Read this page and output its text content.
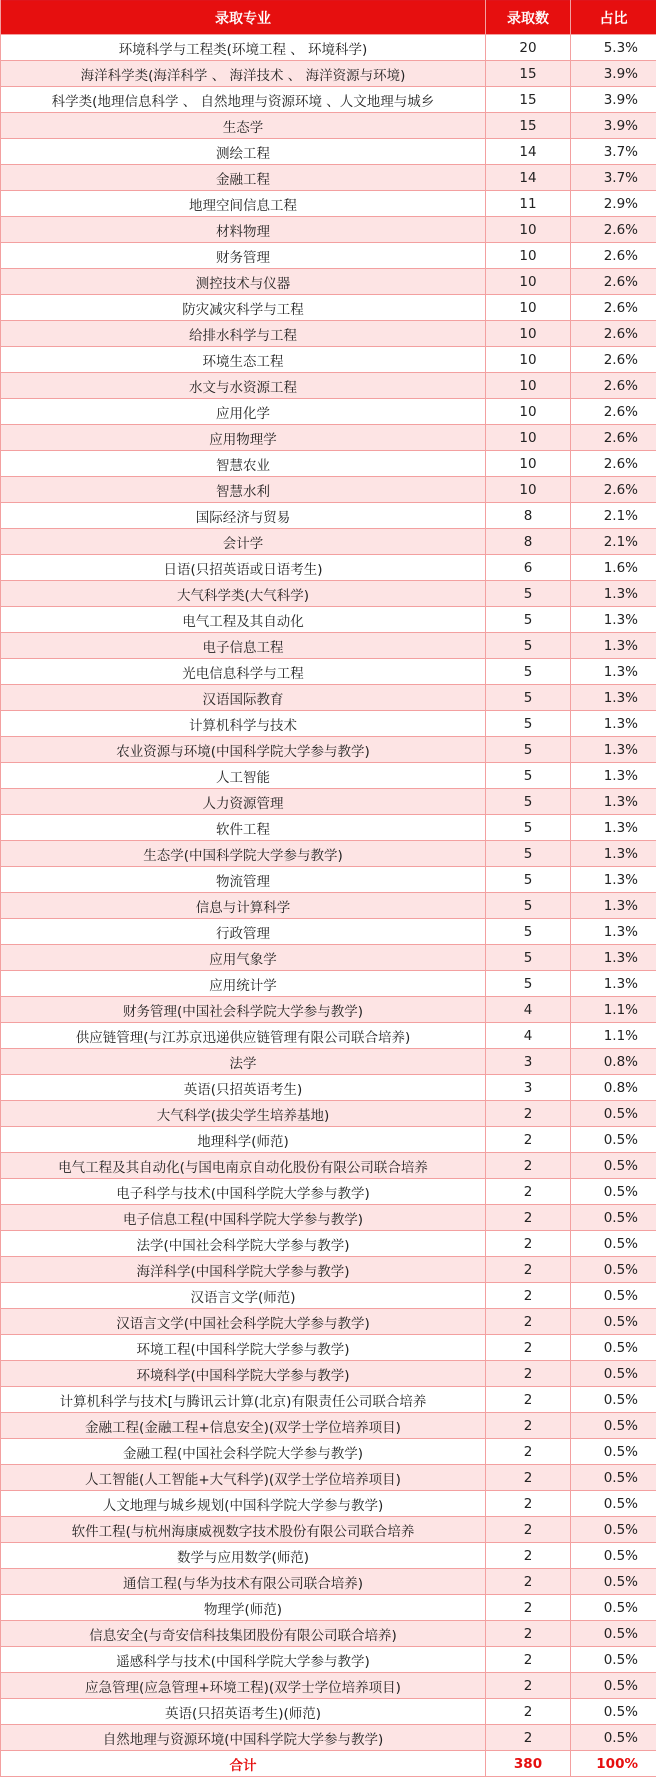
录取专业	录取数	占比
环境科学与工程类(环境工程 、 环境科学)	20	5.3%
海洋科学类(海洋科学 、 海洋技术 、 海洋资源与环境)	15	3.9%
科学类(地理信息科学 、 自然地理与资源环境 、人文地理与城乡	15	3.9%
生态学	15	3.9%
测绘工程	14	3.7%
金融工程	14	3.7%
地理空间信息工程	11	2.9%
材料物理	10	2.6%
财务管理	10	2.6%
测控技术与仪器	10	2.6%
防灾减灾科学与工程	10	2.6%
给排水科学与工程	10	2.6%
环境生态工程	10	2.6%
水文与水资源工程	10	2.6%
应用化学	10	2.6%
应用物理学	10	2.6%
智慧农业	10	2.6%
智慧水利	10	2.6%
国际经济与贸易	8	2.1%
会计学	8	2.1%
日语(只招英语或日语考生)	6	1.6%
大气科学类(大气科学)	5	1.3%
电气工程及其自动化	5	1.3%
电子信息工程	5	1.3%
光电信息科学与工程	5	1.3%
汉语国际教育	5	1.3%
计算机科学与技术	5	1.3%
农业资源与环境(中国科学院大学参与教学)	5	1.3%
人工智能	5	1.3%
人力资源管理	5	1.3%
软件工程	5	1.3%
生态学(中国科学院大学参与教学)	5	1.3%
物流管理	5	1.3%
信息与计算科学	5	1.3%
行政管理	5	1.3%
应用气象学	5	1.3%
应用统计学	5	1.3%
财务管理(中国社会科学院大学参与教学)	4	1.1%
供应链管理(与江苏京迅递供应链管理有限公司联合培养)	4	1.1%
法学	3	0.8%
英语(只招英语考生)	3	0.8%
大气科学(拔尖学生培养基地)	2	0.5%
地理科学(师范)	2	0.5%
电气工程及其自动化(与国电南京自动化股份有限公司联合培养	2	0.5%
电子科学与技术(中国科学院大学参与教学)	2	0.5%
电子信息工程(中国科学院大学参与教学)	2	0.5%
法学(中国社会科学院大学参与教学)	2	0.5%
海洋科学(中国科学院大学参与教学)	2	0.5%
汉语言文学(师范)	2	0.5%
汉语言文学(中国社会科学院大学参与教学)	2	0.5%
环境工程(中国科学院大学参与教学)	2	0.5%
环境科学(中国科学院大学参与教学)	2	0.5%
计算机科学与技术[与腾讯云计算(北京)有限责任公司联合培养	2	0.5%
金融工程(金融工程+信息安全)(双学士学位培养项目)	2	0.5%
金融工程(中国社会科学院大学参与教学)	2	0.5%
人工智能(人工智能+大气科学)(双学士学位培养项目)	2	0.5%
人文地理与城乡规划(中国科学院大学参与教学)	2	0.5%
软件工程(与杭州海康威视数字技术股份有限公司联合培养	2	0.5%
数学与应用数学(师范)	2	0.5%
通信工程(与华为技术有限公司联合培养)	2	0.5%
物理学(师范)	2	0.5%
信息安全(与奇安信科技集团股份有限公司联合培养)	2	0.5%
遥感科学与技术(中国科学院大学参与教学)	2	0.5%
应急管理(应急管理+环境工程)(双学士学位培养项目)	2	0.5%
英语(只招英语考生)(师范)	2	0.5%
自然地理与资源环境(中国科学院大学参与教学)	2	0.5%
合计	380	100%
